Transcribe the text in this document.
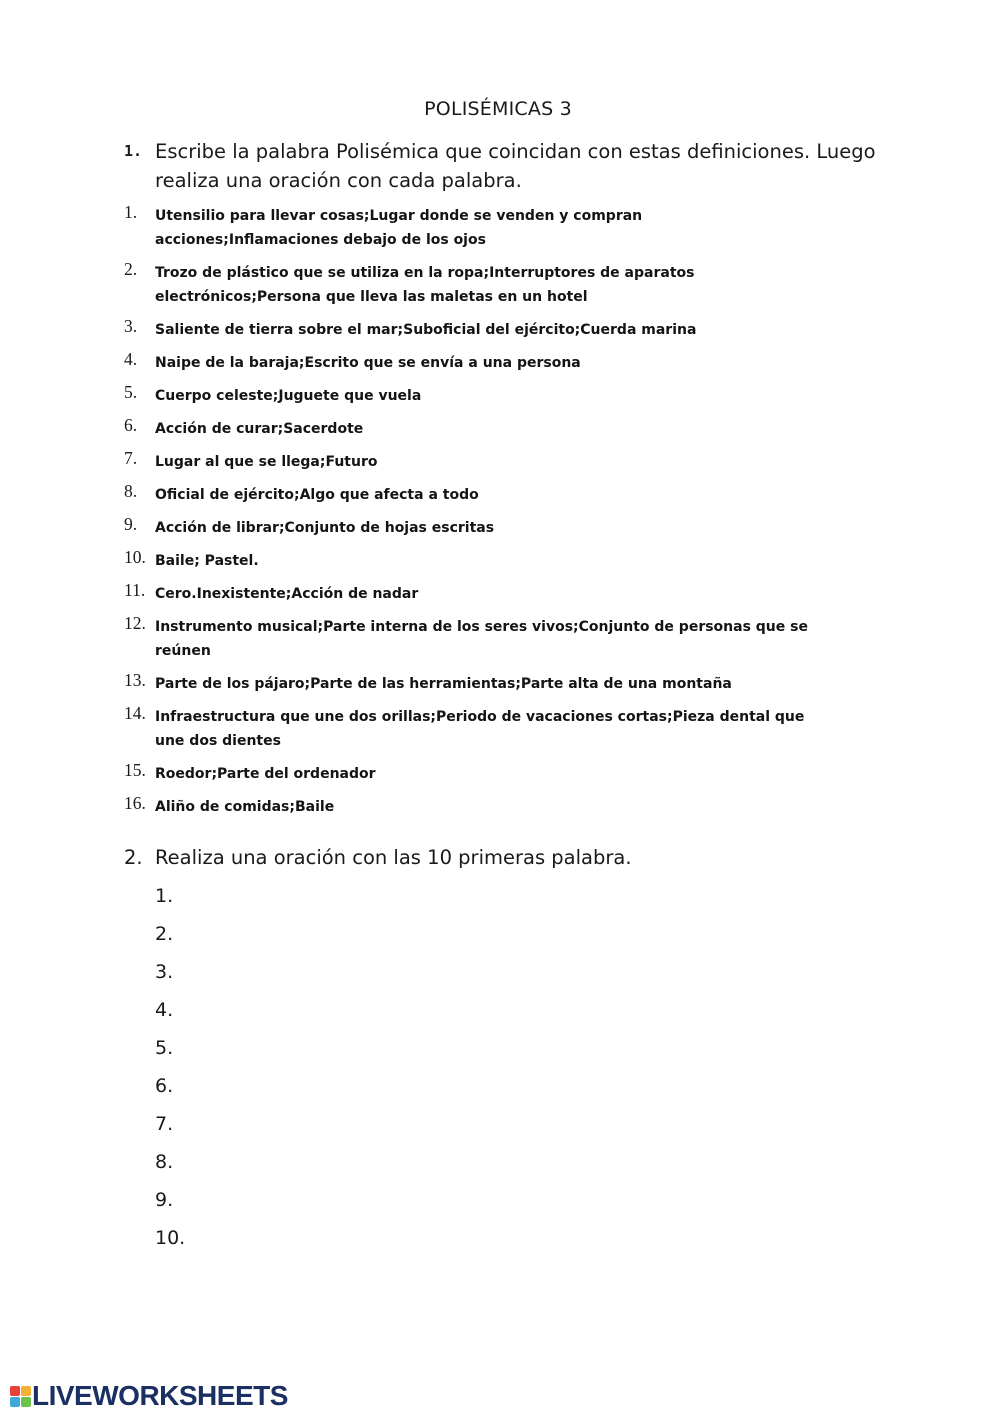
POLISÉMICAS 3
1. Escribe la palabra Polisémica que coincidan con estas definiciones. Luego realiza una oración con cada palabra.
1. Utensilio para llevar cosas;Lugar donde se venden y compran acciones;Inflamaciones debajo de los ojos
2. Trozo de plástico que se utiliza en la ropa;Interruptores de aparatos electrónicos;Persona que lleva las maletas en un hotel
3. Saliente de tierra sobre el mar;Suboficial del ejército;Cuerda marina
4. Naipe de la baraja;Escrito que se envía a una persona
5. Cuerpo celeste;Juguete que vuela
6. Acción de curar;Sacerdote
7. Lugar al que se llega;Futuro
8. Oficial de ejército;Algo que afecta a todo
9. Acción de librar;Conjunto de hojas escritas
10. Baile; Pastel.
11. Cero.Inexistente;Acción de nadar
12. Instrumento musical;Parte interna de los seres vivos;Conjunto de personas que se reúnen
13. Parte de los pájaro;Parte de las herramientas;Parte alta de una montaña
14. Infraestructura que une dos orillas;Periodo de vacaciones cortas;Pieza dental que une dos dientes
15. Roedor;Parte del ordenador
16. Aliño de comidas;Baile
2. Realiza una oración con las 10 primeras palabra.
1.
2.
3.
4.
5.
6.
7.
8.
9.
10.
LIVEWORKSHEETS
